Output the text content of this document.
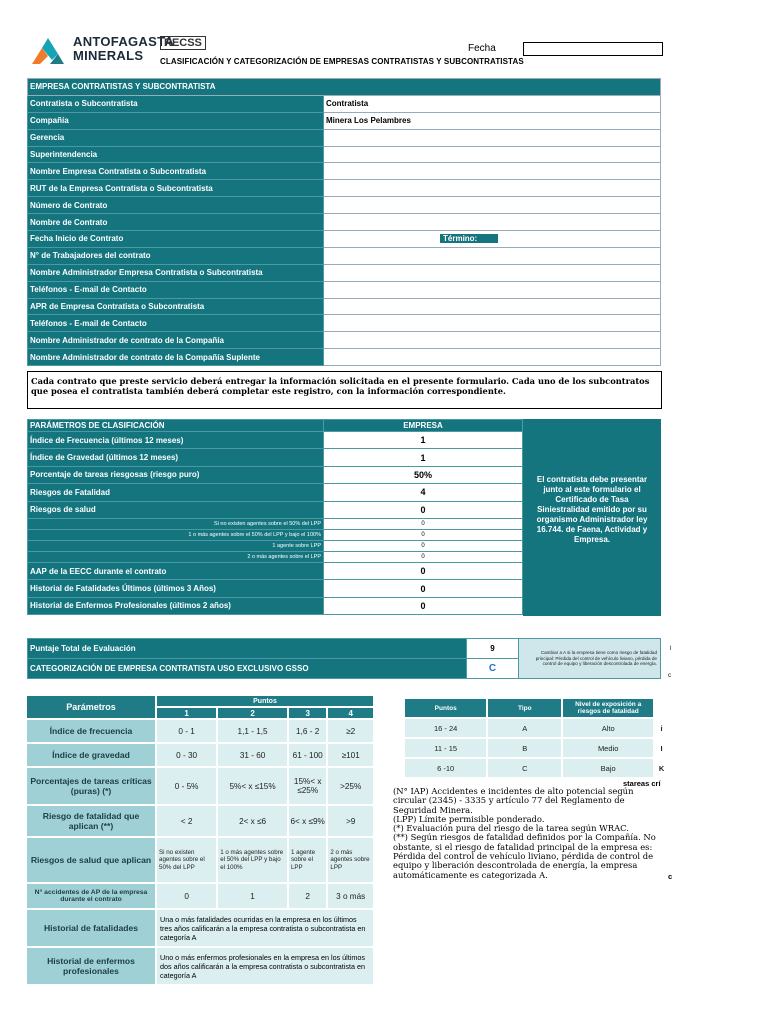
ANTOFAGASTA
MINERALS
RECSS
CLASIFICACIÓN Y CATEGORIZACIÓN DE EMPRESAS CONTRATISTAS Y SUBCONTRATISTAS
Fecha
EMPRESA CONTRATISTAS Y SUBCONTRATISTA	
Contratista o Subcontratista	Contratista
Compañía	Minera Los Pelambres
Gerencia	
Superintendencia	
Nombre Empresa Contratista o Subcontratista	
RUT de la Empresa Contratista o Subcontratista	
Número de Contrato	
Nombre de Contrato	
Fecha Inicio de Contrato	Término:
N° de Trabajadores del contrato	
Nombre Administrador Empresa Contratista o Subcontratista	
Teléfonos - E-mail de Contacto	
APR de Empresa Contratista o Subcontratista	
Teléfonos - E-mail de Contacto	
Nombre Administrador de contrato de la Compañía	
Nombre Administrador de contrato de la Compañía Suplente	
Cada contrato que preste servicio deberá entregar la información solicitada en el presente formulario. Cada uno de los subcontratos que posea el contratista también deberá completar este registro, con la información correspondiente.
PARÁMETROS DE CLASIFICACIÓN	EMPRESA
Índice de Frecuencia (últimos 12 meses)	1
Índice de Gravedad (últimos 12 meses)	1
Porcentaje de tareas riesgosas (riesgo puro)	50%
Riesgos de Fatalidad	4
Riesgos de salud	0
Si no existen agentes sobre el 50% del LPP	0
1 o más agentes sobre el 50% del LPP y bajo el 100%	0
1 agente sobre LPP	0
2 o más agentes sobre el LPP	0
AAP de la EECC durante el contrato	0
Historial de Fatalidades Últimos (últimos 3 Años)	0
Historial de Enfermos Profesionales (últimos 2 años)	0
El contratista debe presentar junto al este formulario el Certificado de Tasa Siniestralidad emitido por su organismo Administrador ley 16.744. de Faena, Actividad y Empresa.
Puntaje Total de Evaluación	9	Cambiar a A si la empresa tiene como riesgo de fatalidad principal: Pérdida del control de vehículo liviano, pérdida de control de equipo y liberación descontrolada de energía.
CATEGORIZACIÓN DE EMPRESA CONTRATISTA USO EXCLUSIVO GSSO	C	
l
c
Parámetros	Puntos			
	1	2	3	4
Índice de frecuencia	0 - 1	1,1 - 1,5	1,6 - 2	≥2
Índice de gravedad	0 - 30	31 - 60	61 - 100	≥101
Porcentajes de tareas críticas (puras) (*)	0 - 5%	5%< x ≤15%	15%< x ≤25%	>25%
Riesgo de fatalidad que aplican (**)	< 2	2< x ≤6	6< x ≤9%	>9
Riesgos de salud que aplican	Si no existen agentes sobre el 50% del LPP	1 o más agentes sobre el 50% del LPP y bajo el 100%	1 agente sobre el LPP	2 o más agentes sobre LPP
N° accidentes de AP de la empresa durante el contrato	0	1	2	3 o más
Historial de fatalidades	Una o más fatalidades ocurridas en la empresa en los últimos tres años calificarán a la empresa contratista o subcontratista en categoría A			
Historial de enfermos profesionales	Uno o más enfermos profesionales en la empresa en los últimos dos años calificarán a la empresa contratista o subcontratista en categoría A			
Puntos	Tipo	Nivel de exposición a riesgos de fatalidad	
16 - 24	A	Alto	i
11 - 15	B	Medio	I
6 -10	C	Bajo	K
stareas crí
(N° IAP) Accidentes e incidentes de alto potencial según circular (2345) - 3335 y artículo 77 del Reglamento de Seguridad Minera.
(LPP) Límite permisible ponderado.
(*) Evaluación pura del riesgo de la tarea según WRAC.
(**) Según riesgos de fatalidad definidos por la Compañía. No obstante, si el riesgo de fatalidad principal de la empresa es: Pérdida del control de vehículo liviano, pérdida de control de equipo y liberación descontrolada de energía, la empresa automáticamente es categorizada A.	c
